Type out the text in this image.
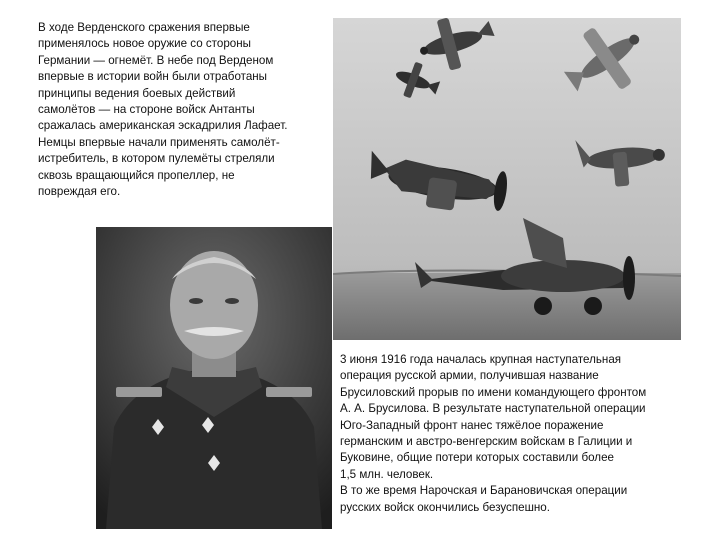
В ходе Верденского сражения впервые
применялось новое оружие со стороны
Германии — огнемёт. В небе под Верденом
впервые в истории войн были отработаны
принципы ведения боевых действий
самолётов — на стороне войск Антанты
сражалась американская эскадрилия Лафает.
Немцы впервые начали применять самолёт-
истребитель, в котором пулемёты стреляли
сквозь вращающийся пропеллер, не
повреждая его.

3 июня 1916 года началась крупная наступательная
операция русской армии, получившая название
Брусиловский прорыв по имени командующего фронтом
А. А. Брусилова. В результате наступательной операции
Юго-Западный фронт нанес тяжёлое поражение
германским и австро-венгерским войскам в Галиции и
Буковине, общие потери которых составили более
1,5 млн. человек.

В то же время Нарочская и Барановичская операции
русских войск окончились безуспешно.
